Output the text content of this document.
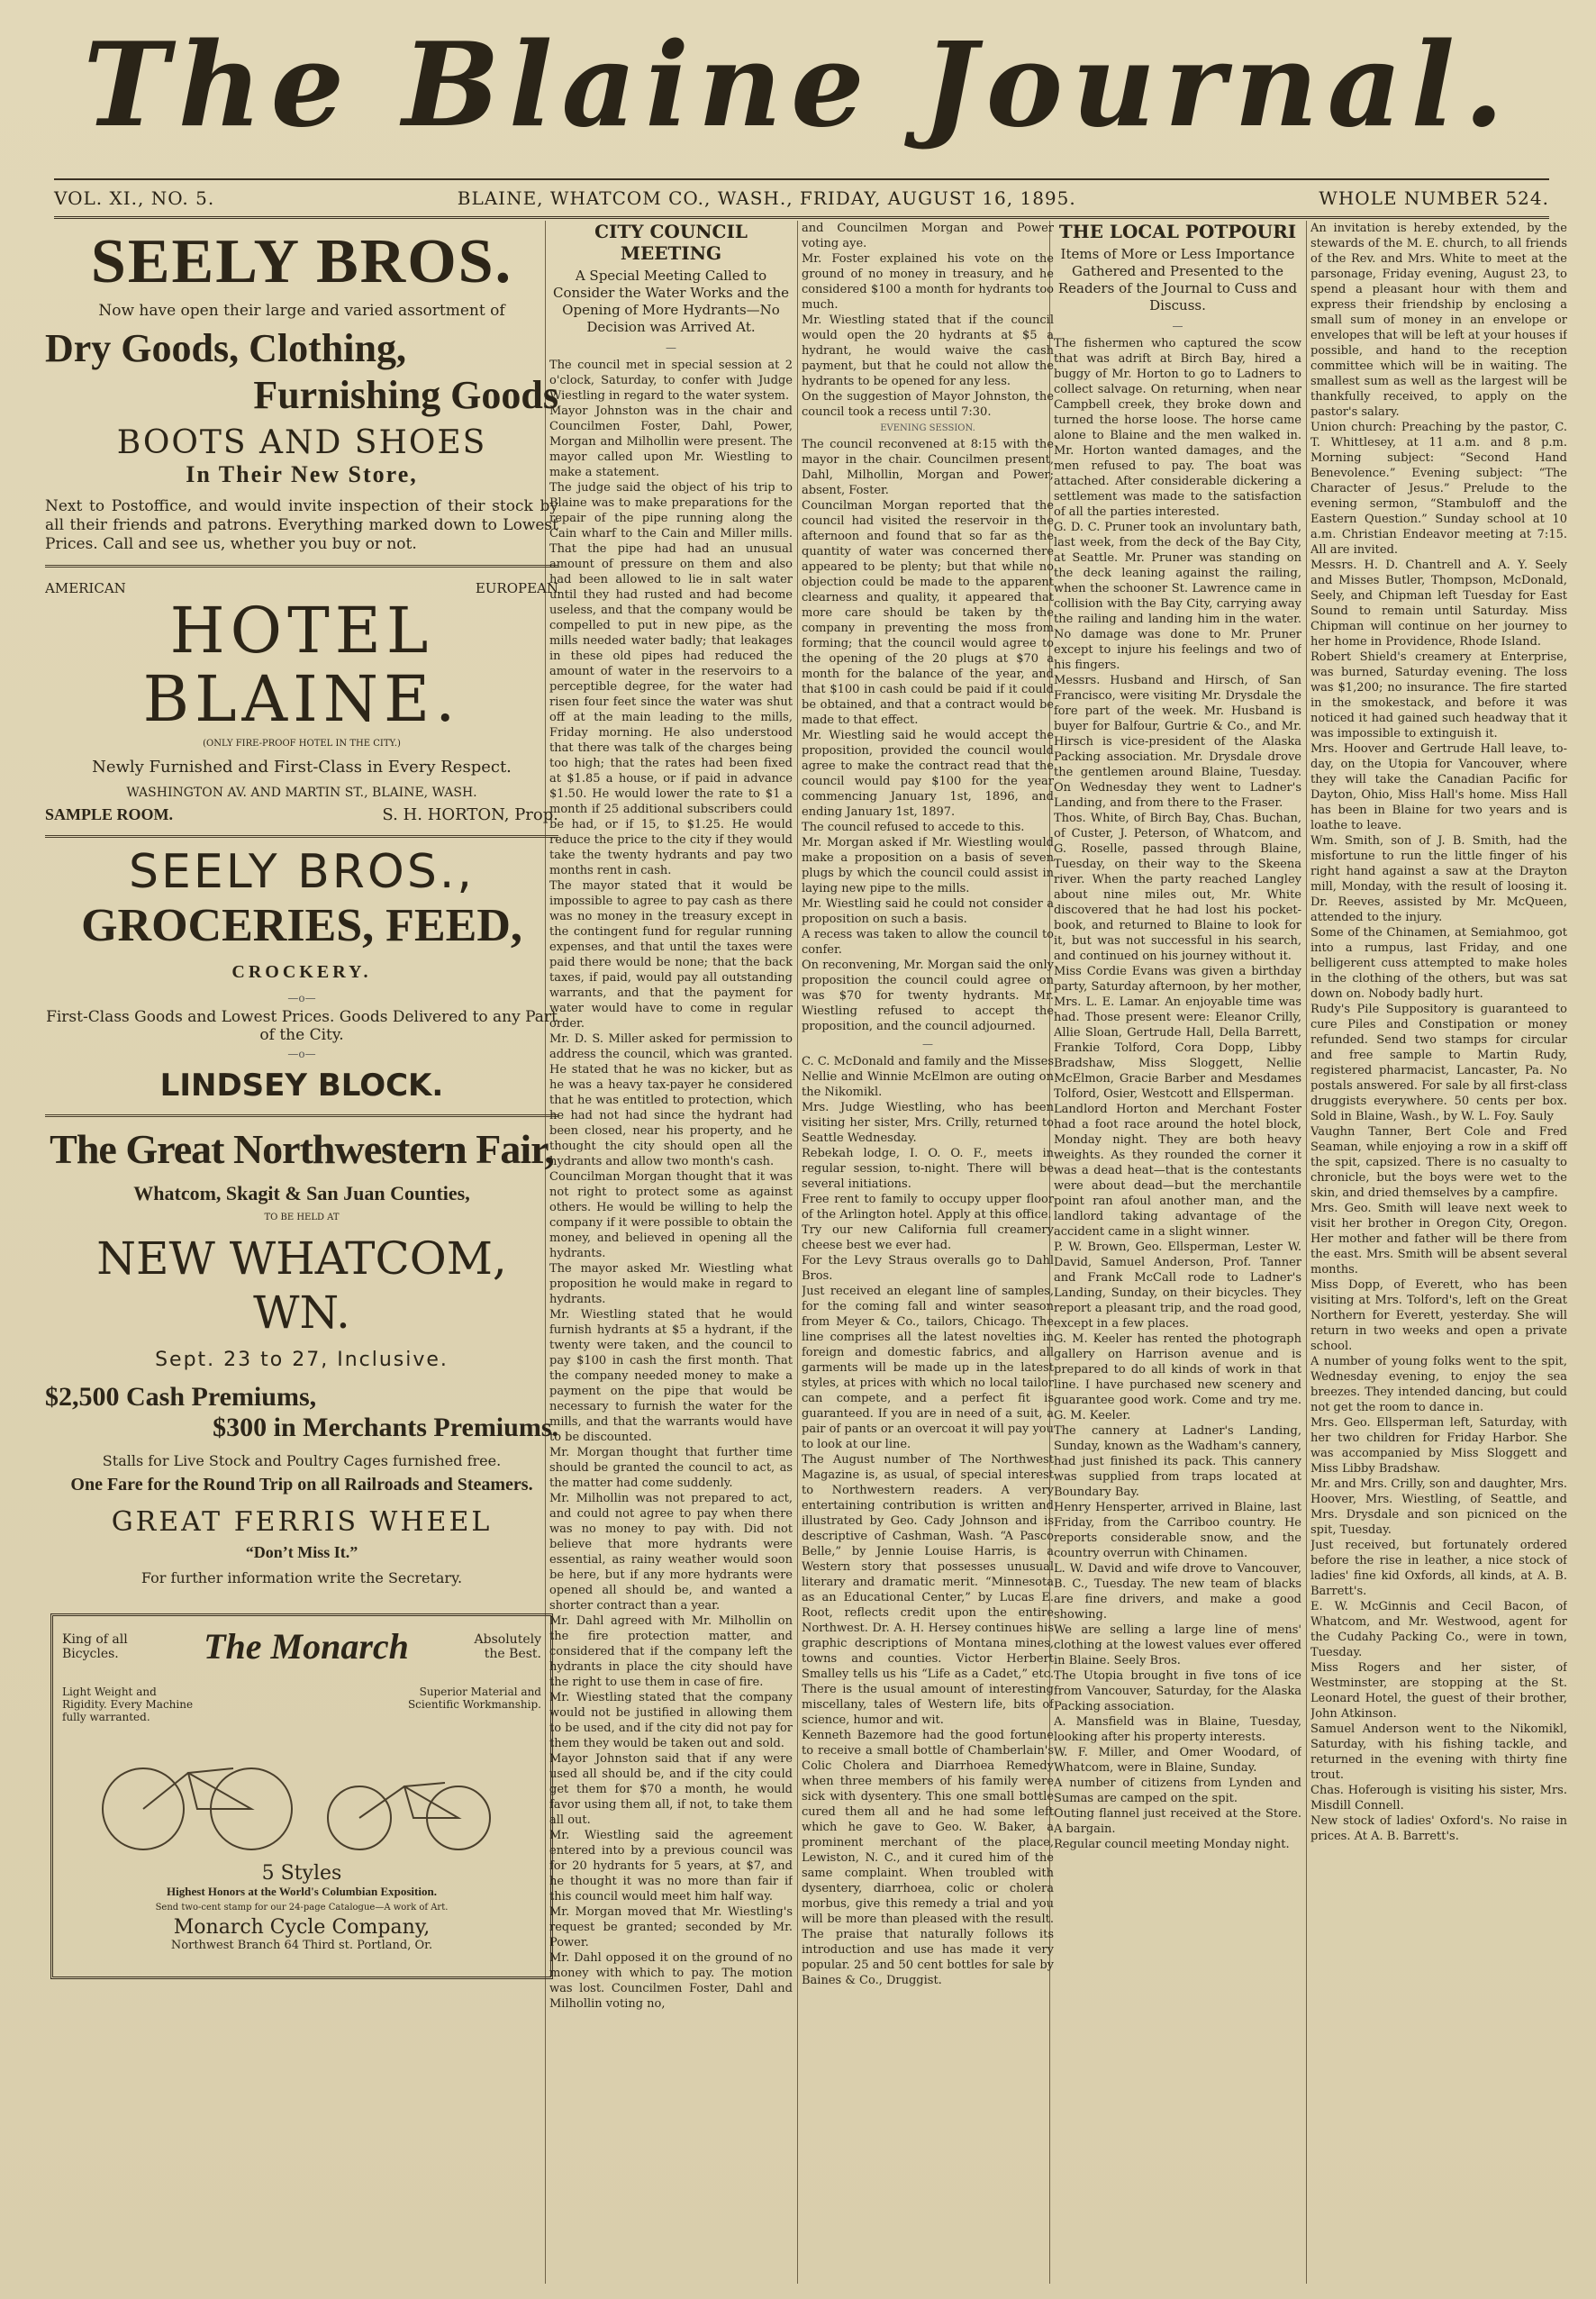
The Blaine Journal.
VOL. XI., NO. 5.	BLAINE, WHATCOM CO., WASH., FRIDAY, AUGUST 16, 1895.	WHOLE NUMBER 524.
SEELY BROS.
Now have open their large and varied assortment of
Dry Goods, Clothing,
Furnishing Goods
BOOTS AND SHOES
In Their New Store,

Next to Postoffice, and would invite inspection of their stock by all their friends and patrons. Everything marked down to Lowest Prices. Call and see us, whether you buy or not.

AMERICAN	EUROPEAN
HOTEL BLAINE.
(ONLY FIRE-PROOF HOTEL IN THE CITY.)
Newly Furnished and First-Class in Every Respect.
WASHINGTON AV. AND MARTIN ST., BLAINE, WASH.
SAMPLE ROOM.	S. H. HORTON, Prop.
SEELY BROS.,
GROCERIES, FEED,
CROCKERY.
—o—
First-Class Goods and Lowest Prices. Goods Delivered to any Part of the City.
—o—
LINDSEY BLOCK.
The Great Northwestern Fair,
Whatcom, Skagit & San Juan Counties,
TO BE HELD AT
NEW WHATCOM, WN.
Sept. 23 to 27, Inclusive.
$2,500 Cash Premiums,
$300 in Merchants Premiums.
Stalls for Live Stock and Poultry Cages furnished free.
One Fare for the Round Trip on all Railroads and Steamers.
GREAT FERRIS WHEEL
“Don’t Miss It.”
For further information write the Secretary.
King of all Bicycles.	The Monarch	Absolutely the Best.
Light Weight and Rigidity. Every Machine fully warranted.
Superior Material and Scientific Workmanship.
5 Styles
Highest Honors at the World's Columbian Exposition.
Send two-cent stamp for our 24-page Catalogue—A work of Art.
Monarch Cycle Company,
Northwest Branch 64 Third st. Portland, Or.
CITY COUNCIL MEETING
A Special Meeting Called to Consider the Water Works and the Opening of More Hydrants—No Decision was Arrived At.
—

The council met in special session at 2 o'clock, Saturday, to confer with Judge Wiestling in regard to the water system.

Mayor Johnston was in the chair and Councilmen Foster, Dahl, Power, Morgan and Milhollin were present. The mayor called upon Mr. Wiestling to make a statement.

The judge said the object of his trip to Blaine was to make preparations for the repair of the pipe running along the Cain wharf to the Cain and Miller mills. That the pipe had had an unusual amount of pressure on them and also had been allowed to lie in salt water until they had rusted and had become useless, and that the company would be compelled to put in new pipe, as the mills needed water badly; that leakages in these old pipes had reduced the amount of water in the reservoirs to a perceptible degree, for the water had risen four feet since the water was shut off at the main leading to the mills, Friday morning. He also understood that there was talk of the charges being too high; that the rates had been fixed at $1.85 a house, or if paid in advance $1.50. He would lower the rate to $1 a month if 25 additional subscribers could be had, or if 15, to $1.25. He would reduce the price to the city if they would take the twenty hydrants and pay two months rent in cash.

The mayor stated that it would be impossible to agree to pay cash as there was no money in the treasury except in the contingent fund for regular running expenses, and that until the taxes were paid there would be none; that the back taxes, if paid, would pay all outstanding warrants, and that the payment for water would have to come in regular order.

Mr. D. S. Miller asked for permission to address the council, which was granted. He stated that he was no kicker, but as he was a heavy tax-payer he considered that he was entitled to protection, which he had not had since the hydrant had been closed, near his property, and he thought the city should open all the hydrants and allow two month's cash.

Councilman Morgan thought that it was not right to protect some as against others. He would be willing to help the company if it were possible to obtain the money, and believed in opening all the hydrants.

The mayor asked Mr. Wiestling what proposition he would make in regard to hydrants.

Mr. Wiestling stated that he would furnish hydrants at $5 a hydrant, if the twenty were taken, and the council to pay $100 in cash the first month. That the company needed money to make a payment on the pipe that would be necessary to furnish the water for the mills, and that the warrants would have to be discounted.

Mr. Morgan thought that further time should be granted the council to act, as the matter had come suddenly.

Mr. Milhollin was not prepared to act, and could not agree to pay when there was no money to pay with. Did not believe that more hydrants were essential, as rainy weather would soon be here, but if any more hydrants were opened all should be, and wanted a shorter contract than a year.

Mr. Dahl agreed with Mr. Milhollin on the fire protection matter, and considered that if the company left the hydrants in place the city should have the right to use them in case of fire.

Mr. Wiestling stated that the company would not be justified in allowing them to be used, and if the city did not pay for them they would be taken out and sold.

Mayor Johnston said that if any were used all should be, and if the city could get them for $70 a month, he would favor using them all, if not, to take them all out.

Mr. Wiestling said the agreement entered into by a previous council was for 20 hydrants for 5 years, at $7, and he thought it was no more than fair if this council would meet him half way.

Mr. Morgan moved that Mr. Wiestling's request be granted; seconded by Mr. Power.

Mr. Dahl opposed it on the ground of no money with which to pay. The motion was lost. Councilmen Foster, Dahl and Milhollin voting no,

and Councilmen Morgan and Power voting aye.

Mr. Foster explained his vote on the ground of no money in treasury, and he considered $100 a month for hydrants too much.

Mr. Wiestling stated that if the council would open the 20 hydrants at $5 a hydrant, he would waive the cash payment, but that he could not allow the hydrants to be opened for any less.

On the suggestion of Mayor Johnston, the council took a recess until 7:30.

EVENING SESSION.

The council reconvened at 8:15 with the mayor in the chair. Councilmen present, Dahl, Milhollin, Morgan and Power; absent, Foster.

Councilman Morgan reported that the council had visited the reservoir in the afternoon and found that so far as the quantity of water was concerned there appeared to be plenty; but that while no objection could be made to the apparent clearness and quality, it appeared that more care should be taken by the company in preventing the moss from forming; that the council would agree to the opening of the 20 plugs at $70 a month for the balance of the year, and that $100 in cash could be paid if it could be obtained, and that a contract would be made to that effect.

Mr. Wiestling said he would accept the proposition, provided the council would agree to make the contract read that the council would pay $100 for the year commencing January 1st, 1896, and ending January 1st, 1897.

The council refused to accede to this.

Mr. Morgan asked if Mr. Wiestling would make a proposition on a basis of seven plugs by which the council could assist in laying new pipe to the mills.

Mr. Wiestling said he could not consider a proposition on such a basis.

A recess was taken to allow the council to confer.

On reconvening, Mr. Morgan said the only proposition the council could agree on was $70 for twenty hydrants. Mr. Wiestling refused to accept the proposition, and the council adjourned.

—

C. C. McDonald and family and the Misses Nellie and Winnie McElmon are outing on the Nikomikl.

Mrs. Judge Wiestling, who has been visiting her sister, Mrs. Crilly, returned to Seattle Wednesday.

Rebekah lodge, I. O. O. F., meets in regular session, to-night. There will be several initiations.

Free rent to family to occupy upper floor of the Arlington hotel. Apply at this office.

Try our new California full creamery cheese best we ever had.

For the Levy Straus overalls go to Dahl Bros.

Just received an elegant line of samples, for the coming fall and winter season from Meyer & Co., tailors, Chicago. The line comprises all the latest novelties in foreign and domestic fabrics, and all garments will be made up in the latest styles, at prices with which no local tailor can compete, and a perfect fit is guaranteed. If you are in need of a suit, a pair of pants or an overcoat it will pay you to look at our line.

The August number of The Northwest Magazine is, as usual, of special interest to Northwestern readers. A very entertaining contribution is written and illustrated by Geo. Cady Johnson and is descriptive of Cashman, Wash. “A Pasco Belle,” by Jennie Louise Harris, is a Western story that possesses unusual literary and dramatic merit. “Minnesota as an Educational Center,” by Lucas E. Root, reflects credit upon the entire Northwest. Dr. A. H. Hersey continues his graphic descriptions of Montana mines, towns and counties. Victor Herbert Smalley tells us his “Life as a Cadet,” etc. There is the usual amount of interesting miscellany, tales of Western life, bits of science, humor and wit.

Kenneth Bazemore had the good fortune to receive a small bottle of Chamberlain's Colic Cholera and Diarrhoea Remedy when three members of his family were sick with dysentery. This one small bottle cured them all and he had some left which he gave to Geo. W. Baker, a prominent merchant of the place, Lewiston, N. C., and it cured him of the same complaint. When troubled with dysentery, diarrhoea, colic or cholera morbus, give this remedy a trial and you will be more than pleased with the result. The praise that naturally follows its introduction and use has made it very popular. 25 and 50 cent bottles for sale by Baines & Co., Druggist.

THE LOCAL POTPOURI
Items of More or Less Importance Gathered and Presented to the Readers of the Journal to Cuss and Discuss.
—

The fishermen who captured the scow that was adrift at Birch Bay, hired a buggy of Mr. Horton to go to Ladners to collect salvage. On returning, when near Campbell creek, they broke down and turned the horse loose. The horse came alone to Blaine and the men walked in. Mr. Horton wanted damages, and the men refused to pay. The boat was attached. After considerable dickering a settlement was made to the satisfaction of all the parties interested.

G. D. C. Pruner took an involuntary bath, last week, from the deck of the Bay City, at Seattle. Mr. Pruner was standing on the deck leaning against the railing, when the schooner St. Lawrence came in collision with the Bay City, carrying away the railing and landing him in the water. No damage was done to Mr. Pruner except to injure his feelings and two of his fingers.

Messrs. Husband and Hirsch, of San Francisco, were visiting Mr. Drysdale the fore part of the week. Mr. Husband is buyer for Balfour, Gurtrie & Co., and Mr. Hirsch is vice-president of the Alaska Packing association. Mr. Drysdale drove the gentlemen around Blaine, Tuesday. On Wednesday they went to Ladner's Landing, and from there to the Fraser.

Thos. White, of Birch Bay, Chas. Buchan, of Custer, J. Peterson, of Whatcom, and G. Roselle, passed through Blaine, Tuesday, on their way to the Skeena river. When the party reached Langley about nine miles out, Mr. White discovered that he had lost his pocket-book, and returned to Blaine to look for it, but was not successful in his search, and continued on his journey without it.

Miss Cordie Evans was given a birthday party, Saturday afternoon, by her mother, Mrs. L. E. Lamar. An enjoyable time was had. Those present were: Eleanor Crilly, Allie Sloan, Gertrude Hall, Della Barrett, Frankie Tolford, Cora Dopp, Libby Bradshaw, Miss Sloggett, Nellie McElmon, Gracie Barber and Mesdames Tolford, Osier, Westcott and Ellsperman.

Landlord Horton and Merchant Foster had a foot race around the hotel block, Monday night. They are both heavy weights. As they rounded the corner it was a dead heat—that is the contestants were about dead—but the merchantile point ran afoul another man, and the landlord taking advantage of the accident came in a slight winner.

P. W. Brown, Geo. Ellsperman, Lester W. David, Samuel Anderson, Prof. Tanner and Frank McCall rode to Ladner's Landing, Sunday, on their bicycles. They report a pleasant trip, and the road good, except in a few places.

G. M. Keeler has rented the photograph gallery on Harrison avenue and is prepared to do all kinds of work in that line. I have purchased new scenery and guarantee good work. Come and try me. G. M. Keeler.

The cannery at Ladner's Landing, Sunday, known as the Wadham's cannery, had just finished its pack. This cannery was supplied from traps located at Boundary Bay.

Henry Hensperter, arrived in Blaine, last Friday, from the Carriboo country. He reports considerable snow, and the country overrun with Chinamen.

L. W. David and wife drove to Vancouver, B. C., Tuesday. The new team of blacks are fine drivers, and make a good showing.

We are selling a large line of mens' clothing at the lowest values ever offered in Blaine. Seely Bros.

The Utopia brought in five tons of ice from Vancouver, Saturday, for the Alaska Packing association.

A. Mansfield was in Blaine, Tuesday, looking after his property interests.

W. F. Miller, and Omer Woodard, of Whatcom, were in Blaine, Sunday.

A number of citizens from Lynden and Sumas are camped on the spit.

Outing flannel just received at the Store. A bargain.

Regular council meeting Monday night.

An invitation is hereby extended, by the stewards of the M. E. church, to all friends of the Rev. and Mrs. White to meet at the parsonage, Friday evening, August 23, to spend a pleasant hour with them and express their friendship by enclosing a small sum of money in an envelope or envelopes that will be left at your houses if possible, and hand to the reception committee which will be in waiting. The smallest sum as well as the largest will be thankfully received, to apply on the pastor's salary.

Union church: Preaching by the pastor, C. T. Whittlesey, at 11 a.m. and 8 p.m. Morning subject: “Second Hand Benevolence.” Evening subject: “The Character of Jesus.” Prelude to the evening sermon, “Stambuloff and the Eastern Question.” Sunday school at 10 a.m. Christian Endeavor meeting at 7:15. All are invited.

Messrs. H. D. Chantrell and A. Y. Seely and Misses Butler, Thompson, McDonald, Seely, and Chipman left Tuesday for East Sound to remain until Saturday. Miss Chipman will continue on her journey to her home in Providence, Rhode Island.

Robert Shield's creamery at Enterprise, was burned, Saturday evening. The loss was $1,200; no insurance. The fire started in the smokestack, and before it was noticed it had gained such headway that it was impossible to extinguish it.

Mrs. Hoover and Gertrude Hall leave, to-day, on the Utopia for Vancouver, where they will take the Canadian Pacific for Dayton, Ohio, Miss Hall's home. Miss Hall has been in Blaine for two years and is loathe to leave.

Wm. Smith, son of J. B. Smith, had the misfortune to run the little finger of his right hand against a saw at the Drayton mill, Monday, with the result of loosing it. Dr. Reeves, assisted by Mr. McQueen, attended to the injury.

Some of the Chinamen, at Semiahmoo, got into a rumpus, last Friday, and one belligerent cuss attempted to make holes in the clothing of the others, but was sat down on. Nobody badly hurt.

Rudy's Pile Suppository is guaranteed to cure Piles and Constipation or money refunded. Send two stamps for circular and free sample to Martin Rudy, registered pharmacist, Lancaster, Pa. No postals answered. For sale by all first-class druggists everywhere. 50 cents per box. Sold in Blaine, Wash., by W. L. Foy. Sauly

Vaughn Tanner, Bert Cole and Fred Seaman, while enjoying a row in a skiff off the spit, capsized. There is no casualty to chronicle, but the boys were wet to the skin, and dried themselves by a campfire.

Mrs. Geo. Smith will leave next week to visit her brother in Oregon City, Oregon. Her mother and father will be there from the east. Mrs. Smith will be absent several months.

Miss Dopp, of Everett, who has been visiting at Mrs. Tolford's, left on the Great Northern for Everett, yesterday. She will return in two weeks and open a private school.

A number of young folks went to the spit, Wednesday evening, to enjoy the sea breezes. They intended dancing, but could not get the room to dance in.

Mrs. Geo. Ellsperman left, Saturday, with her two children for Friday Harbor. She was accompanied by Miss Sloggett and Miss Libby Bradshaw.

Mr. and Mrs. Crilly, son and daughter, Mrs. Hoover, Mrs. Wiestling, of Seattle, and Mrs. Drysdale and son picniced on the spit, Tuesday.

Just received, but fortunately ordered before the rise in leather, a nice stock of ladies' fine kid Oxfords, all kinds, at A. B. Barrett's.

E. W. McGinnis and Cecil Bacon, of Whatcom, and Mr. Westwood, agent for the Cudahy Packing Co., were in town, Tuesday.

Miss Rogers and her sister, of Westminster, are stopping at the St. Leonard Hotel, the guest of their brother, John Atkinson.

Samuel Anderson went to the Nikomikl, Saturday, with his fishing tackle, and returned in the evening with thirty fine trout.

Chas. Hoferough is visiting his sister, Mrs. Misdill Connell.

New stock of ladies' Oxford's. No raise in prices. At A. B. Barrett's.
